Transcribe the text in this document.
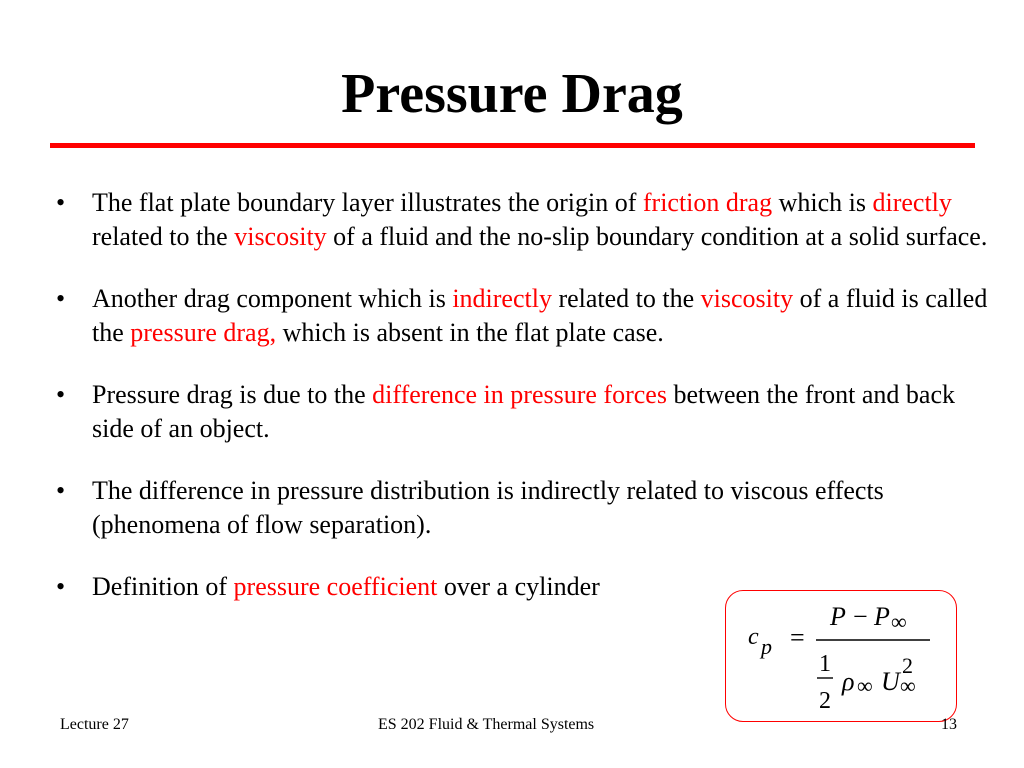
Pressure Drag
• The flat plate boundary layer illustrates the origin of friction drag which is directly related to the viscosity of a fluid and the no-slip boundary condition at a solid surface.
• Another drag component which is indirectly related to the viscosity of a fluid is called the pressure drag, which is absent in the flat plate case.
• Pressure drag is due to the difference in pressure forces between the front and back side of an object.
• The difference in pressure distribution is indirectly related to viscous effects (phenomena of flow separation).
• Definition of pressure coefficient over a cylinder
c p =
P − P ∞
1
2
ρ ∞ U
2
∞
Lecture 27	ES 202 Fluid & Thermal Systems	13
